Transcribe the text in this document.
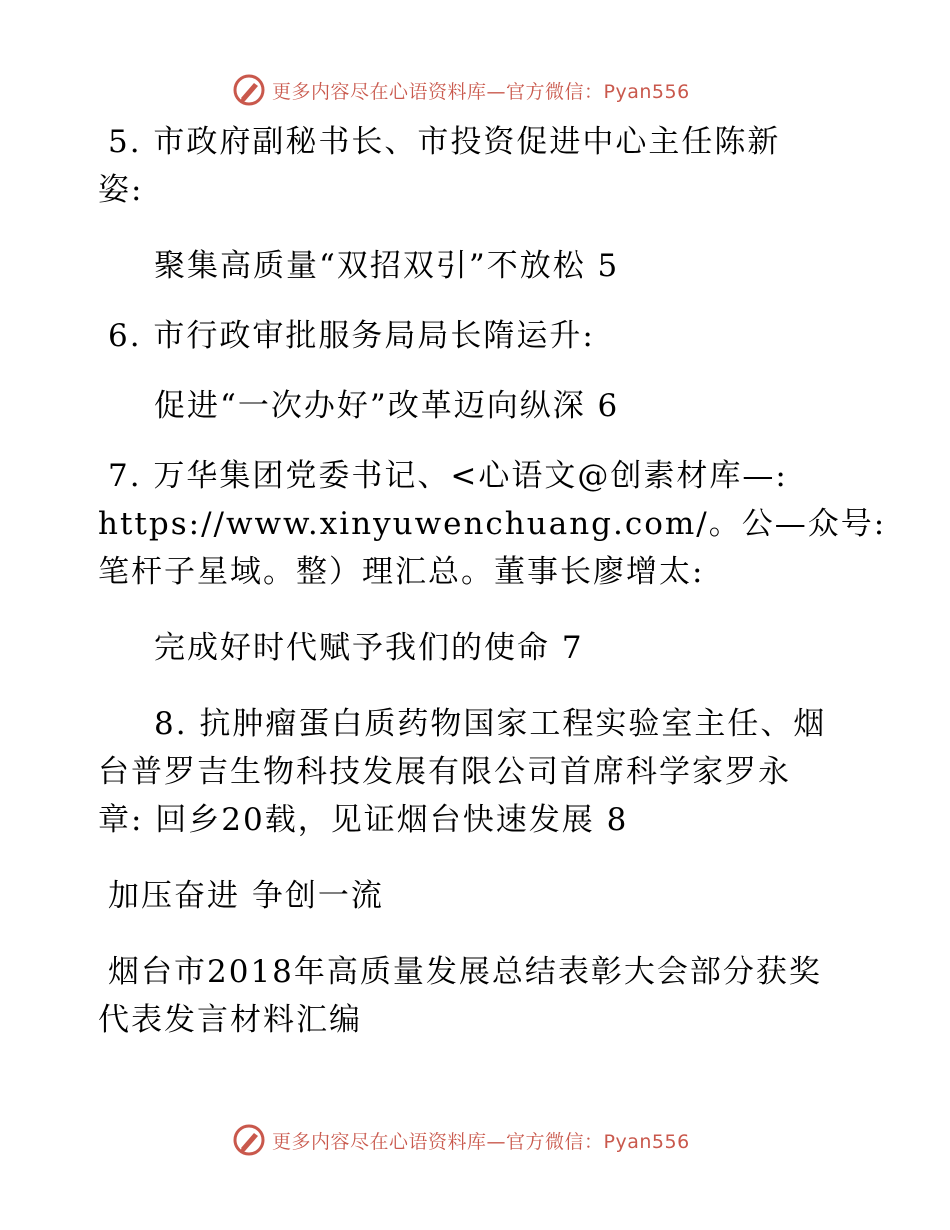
更多内容尽在心语资料库—官方微信：Pyan556
5. 市政府副秘书长、市投资促进中心主任陈新
姿:
聚集高质量“双招双引”不放松 5
6. 市行政审批服务局局长隋运升:
促进“一次办好”改革迈向纵深 6
7. 万华集团党委书记、<心语文@创素材库—:
https://www.xinyuwenchuang.com/。公—众号:
笔杆子星域。整）理汇总。董事长廖增太:
完成好时代赋予我们的使命 7
8. 抗肿瘤蛋白质药物国家工程实验室主任、烟
台普罗吉生物科技发展有限公司首席科学家罗永
章: 回乡20载，见证烟台快速发展 8
加压奋进 争创一流
烟台市2018年高质量发展总结表彰大会部分获奖
代表发言材料汇编
更多内容尽在心语资料库—官方微信：Pyan556
